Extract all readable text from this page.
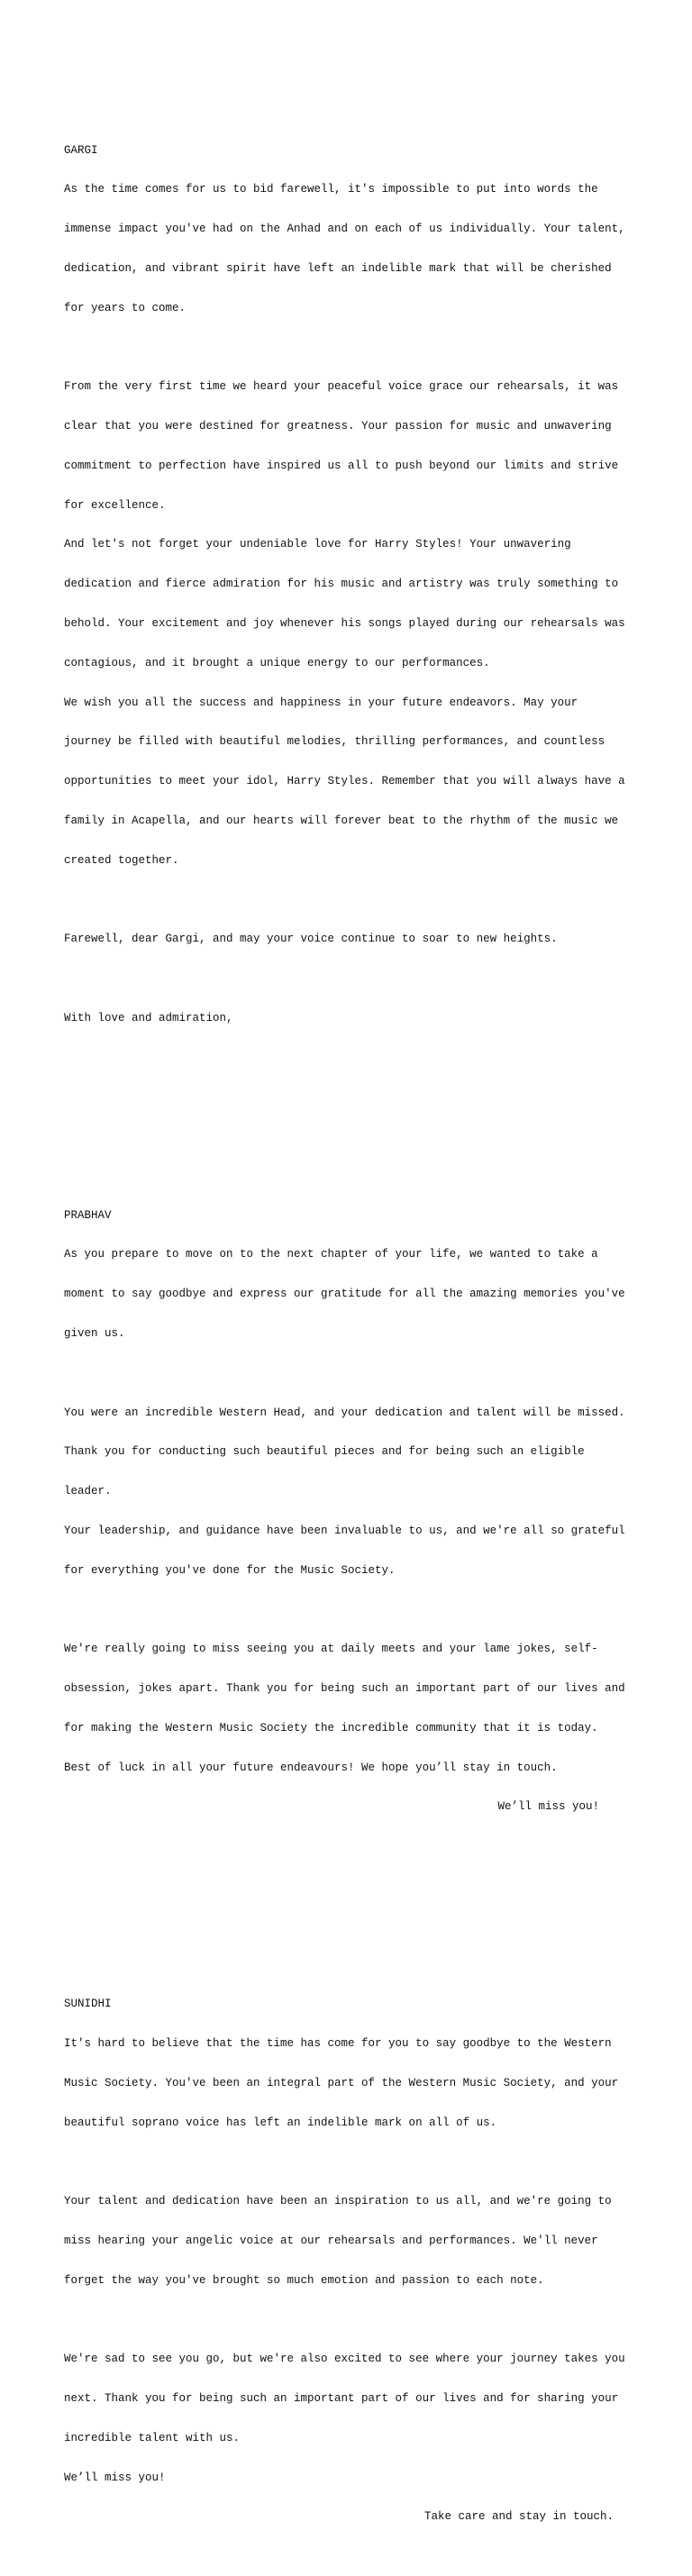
GARGI

As the time comes for us to bid farewell, it's impossible to put into words the

immense impact you've had on the Anhad and on each of us individually. Your talent,

dedication, and vibrant spirit have left an indelible mark that will be cherished

for years to come.

From the very first time we heard your peaceful voice grace our rehearsals, it was

clear that you were destined for greatness. Your passion for music and unwavering

commitment to perfection have inspired us all to push beyond our limits and strive

for excellence.

And let's not forget your undeniable love for Harry Styles! Your unwavering

dedication and fierce admiration for his music and artistry was truly something to

behold. Your excitement and joy whenever his songs played during our rehearsals was

contagious, and it brought a unique energy to our performances.

We wish you all the success and happiness in your future endeavors. May your

journey be filled with beautiful melodies, thrilling performances, and countless

opportunities to meet your idol, Harry Styles. Remember that you will always have a

family in Acapella, and our hearts will forever beat to the rhythm of the music we

created together.

Farewell, dear Gargi, and may your voice continue to soar to new heights.

With love and admiration,

PRABHAV

As you prepare to move on to the next chapter of your life, we wanted to take a

moment to say goodbye and express our gratitude for all the amazing memories you've

given us.

You were an incredible Western Head, and your dedication and talent will be missed.

Thank you for conducting such beautiful pieces and for being such an eligible

leader.

Your leadership, and guidance have been invaluable to us, and we're all so grateful

for everything you've done for the Music Society.

We're really going to miss seeing you at daily meets and your lame jokes, self-

obsession, jokes apart. Thank you for being such an important part of our lives and

for making the Western Music Society the incredible community that it is today.

Best of luck in all your future endeavours! We hope you’ll stay in touch.

We’ll miss you!

SUNIDHI

It's hard to believe that the time has come for you to say goodbye to the Western

Music Society. You've been an integral part of the Western Music Society, and your

beautiful soprano voice has left an indelible mark on all of us.

Your talent and dedication have been an inspiration to us all, and we're going to

miss hearing your angelic voice at our rehearsals and performances. We'll never

forget the way you've brought so much emotion and passion to each note.

We're sad to see you go, but we're also excited to see where your journey takes you

next. Thank you for being such an important part of our lives and for sharing your

incredible talent with us.

We’ll miss you!

Take care and stay in touch.
